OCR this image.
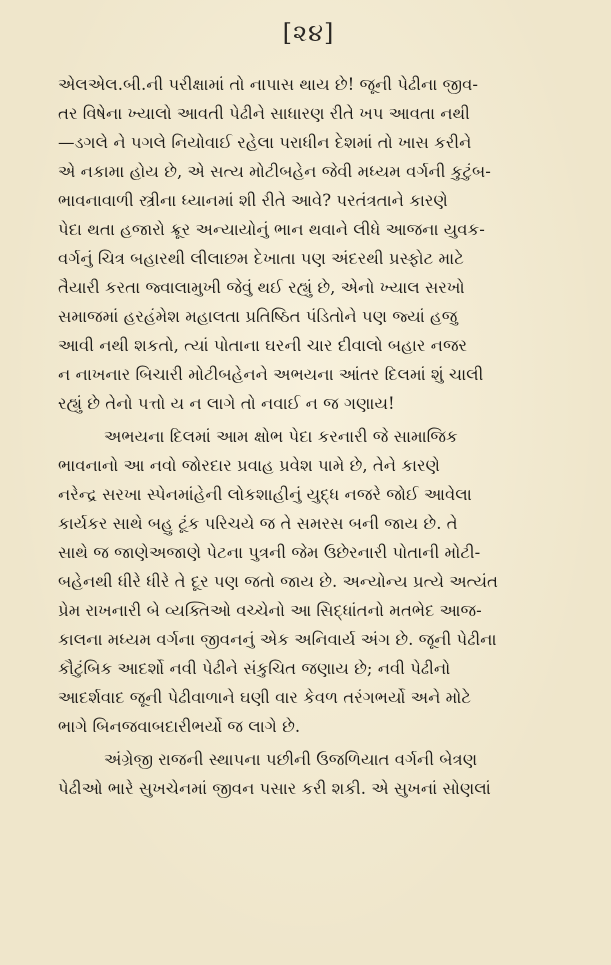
[૨૪]

એલએલ.બી.ની પરીક્ષામાં તો નાપાસ થાય છે! જૂની પેઢીના જીવ-
તર વિષેના ખ્યાલો આવતી પેઢીને સાધારણ રીતે ખપ આવતા નથી
—ડગલે ને પગલે નિયોવાઈ રહેલા પરાધીન દેશમાં તો ખાસ કરીને
એ નકામા હોય છે, એ સત્ય મોટીબહેન જેવી મધ્યમ વર્ગની કુટુંબ-
ભાવનાવાળી સ્ત્રીના ધ્યાનમાં શી રીતે આવે? પરતંત્રતાને કારણે
પેદા થતા હજારો ક્રૂર અન્યાયોનું ભાન થવાને લીધે આજના યુવક-
વર્ગનું ચિત્ર બહારથી લીલાછમ દેખાતા પણ અંદરથી પ્રસ્ફોટ માટે
તૈયારી કરતા જ્વાલામુખી જેવું થઈ રહ્યું છે, એનો ખ્યાલ સરખો
સમાજમાં હરહંમેશ મહાલતા પ્રતિષ્ઠિત પંડિતોને પણ જ્યાં હજુ
આવી નથી શકતો, ત્યાં પોતાના ઘરની ચાર દીવાલો બહાર નજર
ન નાખનાર બિચારી મોટીબહેનને અભયના આંતર દિલમાં શું ચાલી
રહ્યું છે તેનો પત્તો ય ન લાગે તો નવાઈ ન જ ગણાય!

અભયના દિલમાં આમ ક્ષોભ પેદા કરનારી જે સામાજિક
ભાવનાનો આ નવો જોરદાર પ્રવાહ પ્રવેશ પામે છે, તેને કારણે
નરેન્દ્ર સરખા સ્પેનમાંહેની લોકશાહીનું યુદ્ધ નજરે જોઈ આવેલા
કાર્યકર સાથે બહુ ટૂંક પરિચયે જ તે સમરસ બની જાય છે. તે
સાથે જ જાણેઅજાણે પેટના પુત્રની જેમ ઉછેરનારી પોતાની મોટી-
બહેનથી ધીરે ધીરે તે દૂર પણ જતો જાય છે. અન્યોન્ય પ્રત્યે અત્યંત
પ્રેમ રાખનારી બે વ્યક્તિઓ વચ્ચેનો આ સિદ્ધાંતનો મતભેદ આજ-
કાલના મધ્યમ વર્ગના જીવનનું એક અનિવાર્ય અંગ છે. જૂની પેઢીના
કૌટુંબિક આદર્શો નવી પેઢીને સંકુચિત જણાય છે; નવી પેઢીનો
આદર્શવાદ જૂની પેઢીવાળાને ઘણી વાર કેવળ તરંગભર્યો અને મોટે
ભાગે બિનજવાબદારીભર્યો જ લાગે છે.

અંગ્રેજી રાજની સ્થાપના પછીની ઉજળિયાત વર્ગની બેત્રણ
પેઢીઓ ભારે સુખચેનમાં જીવન પસાર કરી શકી. એ સુખનાં સોણલાં
